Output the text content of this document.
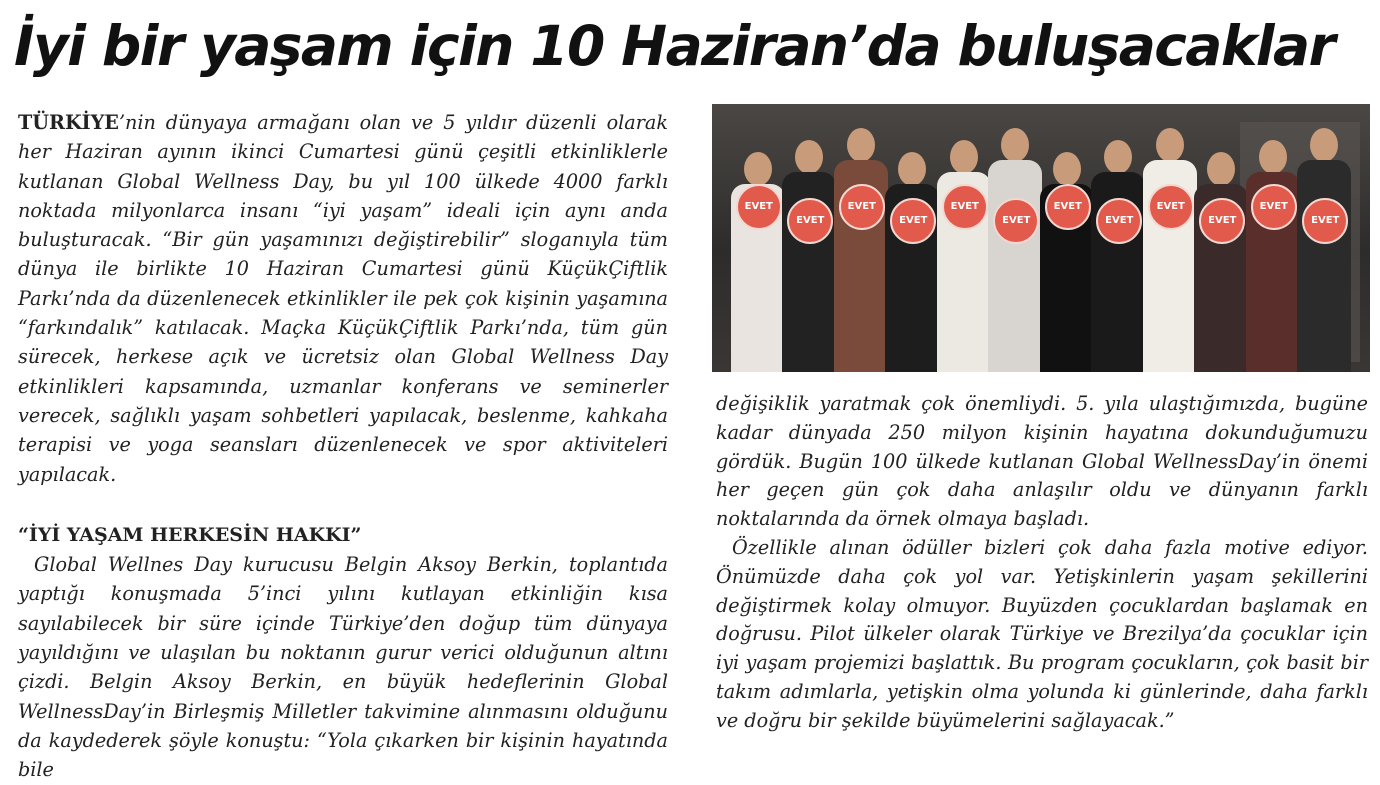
İyi bir yaşam için 10 Haziran’da buluşacaklar

TÜRKİYE’nin dünyaya armağanı olan ve 5 yıldır düzenli olarak her Haziran ayının ikinci Cumartesi günü çeşitli etkinliklerle kutlanan Global Wellness Day, bu yıl 100 ülkede 4000 farklı noktada milyonlarca insanı “iyi yaşam” ideali için aynı anda buluşturacak. “Bir gün yaşamınızı değiştirebilir” sloganıyla tüm dünya ile birlikte 10 Haziran Cumartesi günü KüçükÇiftlik Parkı’nda da düzenlenecek etkinlikler ile pek çok kişinin yaşamına “farkındalık” katılacak. Maçka KüçükÇiftlik Parkı’nda, tüm gün sürecek, herkese açık ve ücretsiz olan Global Wellness Day etkinlikleri kapsamında, uzmanlar konferans ve seminerler verecek, sağlıklı yaşam sohbetleri yapılacak, beslenme, kahkaha terapisi ve yoga seansları düzenlenecek ve spor aktiviteleri yapılacak.

“İYİ YAŞAM HERKESİN HAKKI”

Global Wellnes Day kurucusu Belgin Aksoy Berkin, toplantıda yaptığı konuşmada 5’inci yılını kutlayan etkinliğin kısa sayılabilecek bir süre içinde Türkiye’den doğup tüm dünyaya yayıldığını ve ulaşılan bu noktanın gurur verici olduğunun altını çizdi. Belgin Aksoy Berkin, en büyük hedeflerinin Global WellnessDay’in Birleşmiş Milletler takvimine alınmasını olduğunu da kaydederek şöyle konuştu: “Yola çıkarken bir kişinin hayatında bile

EVET
EVET
EVET
EVET
EVET
EVET
EVET
EVET
EVET
EVET
EVET
EVET

değişiklik yaratmak çok önemliydi. 5. yıla ulaştığımızda, bugüne kadar dünyada 250 milyon kişinin hayatına dokunduğumuzu gördük. Bugün 100 ülkede kutlanan Global WellnessDay’in önemi her geçen gün çok daha anlaşılır oldu ve dünyanın farklı noktalarında da örnek olmaya başladı.

Özellikle alınan ödüller bizleri çok daha fazla motive ediyor. Önümüzde daha çok yol var. Yetişkinlerin yaşam şekillerini değiştirmek kolay olmuyor. Buyüzden çocuklardan başlamak en doğrusu. Pilot ülkeler olarak Türkiye ve Brezilya’da çocuklar için iyi yaşam projemizi başlattık. Bu program çocukların, çok basit bir takım adımlarla, yetişkin olma yolunda ki günlerinde, daha farklı ve doğru bir şekilde büyümelerini sağlayacak.”
